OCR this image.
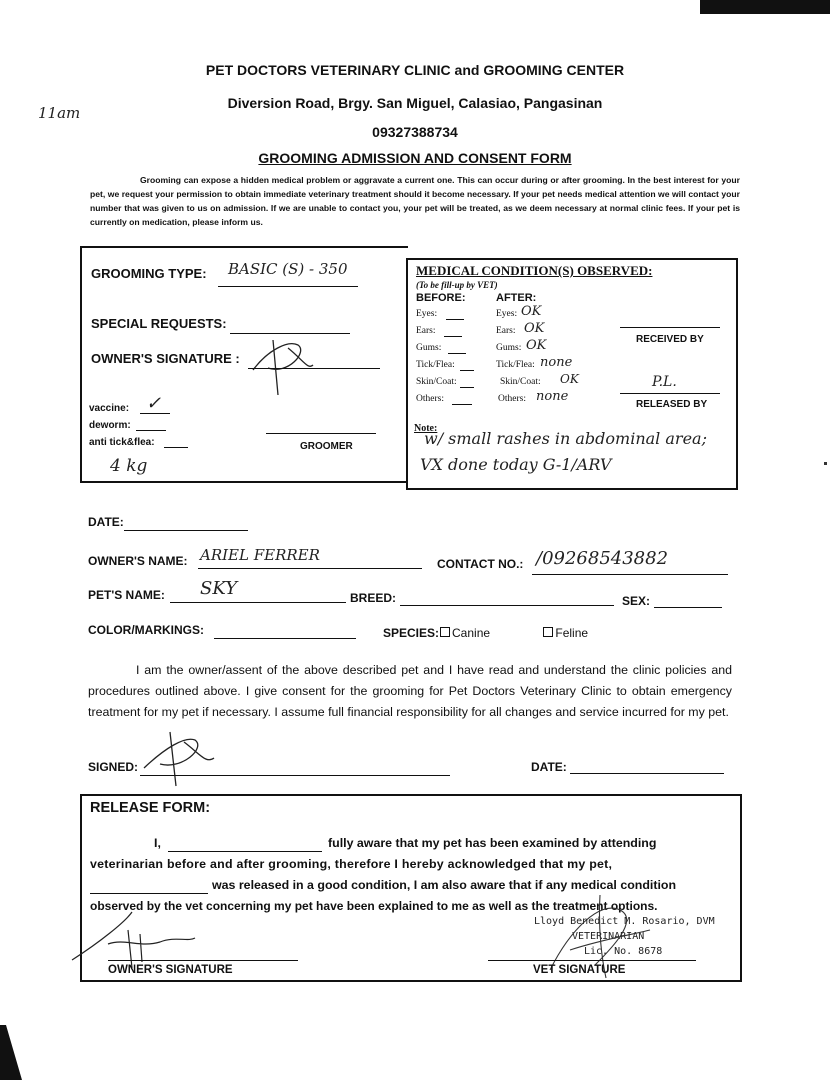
11am
PET DOCTORS VETERINARY CLINIC and GROOMING CENTER
Diversion Road, Brgy. San Miguel, Calasiao, Pangasinan
09327388734
GROOMING ADMISSION AND CONSENT FORM
Grooming can expose a hidden medical problem or aggravate a current one. This can occur during or after grooming. In the best interest for your pet, we request your permission to obtain immediate veterinary treatment should it become necessary. If your pet needs medical attention we will contact your number that was given to us on admission. If we are unable to contact you, your pet will be treated, as we deem necessary at normal clinic fees. If your pet is currently on medication, please inform us.
GROOMING TYPE: BASIC (S) - 350
SPECIAL REQUESTS:
OWNER'S SIGNATURE :
vaccine: ✓
deworm:
anti tick&flea:	GROOMER
4 kg
MEDICAL CONDITION(S) OBSERVED:
(To be fill-up by VET)
BEFORE:	AFTER:
Eyes:	Eyes: OK
Ears:	Ears: OK
Gums:	Gums: OK
Tick/Flea:	Tick/Flea: none
Skin/Coat:	Skin/Coat: OK
Others:	Others: none
RECEIVED BY
P.L.
RELEASED BY
Note:
w/ small rashes in abdominal area;
VX done today G-1/ARV
DATE:
OWNER'S NAME: ARIEL FERRER	CONTACT NO.: /09268543882
PET'S NAME: SKY	BREED:	SEX:
COLOR/MARKINGS:	SPECIES: Canine	Feline
I am the owner/assent of the above described pet and I have read and understand the clinic policies and procedures outlined above. I give consent for the grooming for Pet Doctors Veterinary Clinic to obtain emergency treatment for my pet if necessary. I assume full financial responsibility for all changes and service incurred for my pet.
SIGNED:	DATE:
RELEASE FORM:
I,	fully aware that my pet has been examined by attending
veterinarian before and after grooming, therefore I hereby acknowledged that my pet,
was released in a good condition, I am also aware that if any medical condition
observed by the vet concerning my pet have been explained to me as well as the treatment options.
Lloyd Benedict M. Rosario, DVM
VETERINARIAN
Lic. No. 8678
OWNER'S SIGNATURE	VET SIGNATURE
